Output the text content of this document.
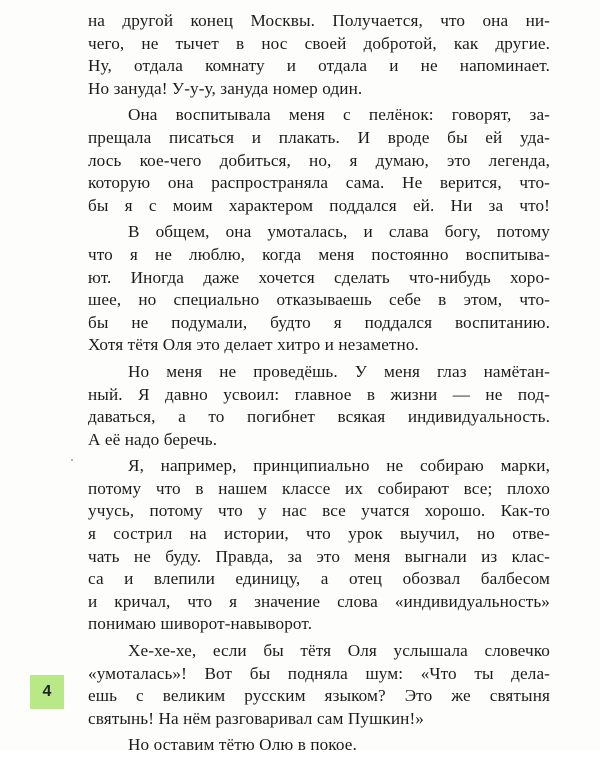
на другой конец Москвы. Получается, что она ни-
чего, не тычет в нос своей добротой, как другие.
Ну, отдала комнату и отдала и не напоминает.
Но зануда! У-у-у, зануда номер один.

Она воспитывала меня с пелёнок: говорят, за-
прещала писаться и плакать. И вроде бы ей уда-
лось кое-чего добиться, но, я думаю, это легенда,
которую она распространяла сама. Не верится, что-
бы я с моим характером поддался ей. Ни за что!

В общем, она умоталась, и слава богу, потому
что я не люблю, когда меня постоянно воспитыва-
ют. Иногда даже хочется сделать что-нибудь хоро-
шее, но специально отказываешь себе в этом, что-
бы не подумали, будто я поддался воспитанию.
Хотя тётя Оля это делает хитро и незаметно.

Но меня не проведёшь. У меня глаз намётан-
ный. Я давно усвоил: главное в жизни — не под-
даваться, а то погибнет всякая индивидуальность.
А её надо беречь.

Я, например, принципиально не собираю марки,
потому что в нашем классе их собирают все; плохо
учусь, потому что у нас все учатся хорошо. Как-то
я сострил на истории, что урок выучил, но отве-
чать не буду. Правда, за это меня выгнали из клас-
са и влепили единицу, а отец обозвал балбесом
и кричал, что я значение слова «индивидуальность»
понимаю шиворот-навыворот.

Хе-хе-хе, если бы тётя Оля услышала словечко
«умоталась»! Вот бы подняла шум: «Что ты дела-
ешь с великим русским языком? Это же святыня
святынь! На нём разговаривал сам Пушкин!»

Но оставим тётю Олю в покое.

4
